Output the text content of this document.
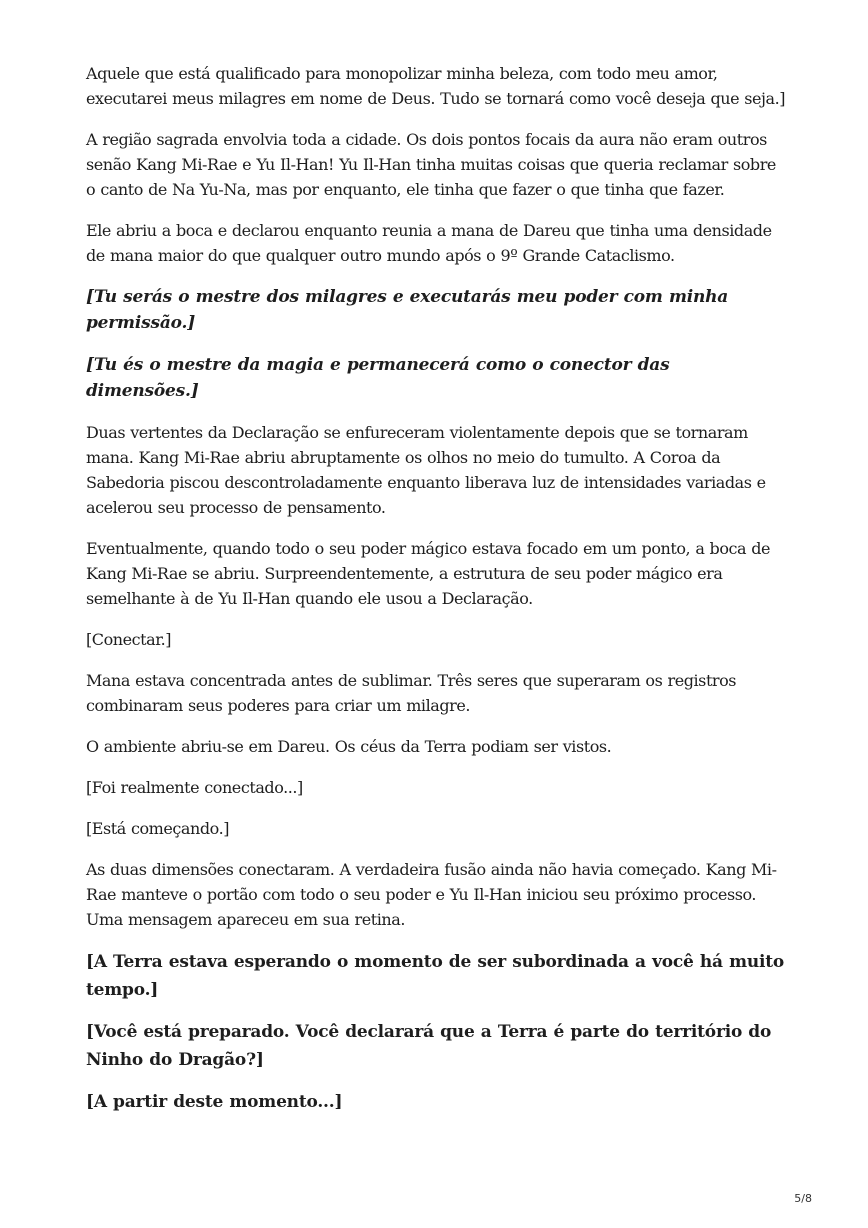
Aquele que está qualificado para monopolizar minha beleza, com todo meu amor, executarei meus milagres em nome de Deus. Tudo se tornará como você deseja que seja.]

A região sagrada envolvia toda a cidade. Os dois pontos focais da aura não eram outros senão Kang Mi-Rae e Yu Il-Han! Yu Il-Han tinha muitas coisas que queria reclamar sobre o canto de Na Yu-Na, mas por enquanto, ele tinha que fazer o que tinha que fazer.

Ele abriu a boca e declarou enquanto reunia a mana de Dareu que tinha uma densidade de mana maior do que qualquer outro mundo após o 9º Grande Cataclismo.

[Tu serás o mestre dos milagres e executarás meu poder com minha permissão.]

[Tu és o mestre da magia e permanecerá como o conector das dimensões.]

Duas vertentes da Declaração se enfureceram violentamente depois que se tornaram mana. Kang Mi-Rae abriu abruptamente os olhos no meio do tumulto. A Coroa da Sabedoria piscou descontroladamente enquanto liberava luz de intensidades variadas e acelerou seu processo de pensamento.

Eventualmente, quando todo o seu poder mágico estava focado em um ponto, a boca de Kang Mi-Rae se abriu. Surpreendentemente, a estrutura de seu poder mágico era semelhante à de Yu Il-Han quando ele usou a Declaração.

[Conectar.]

Mana estava concentrada antes de sublimar. Três seres que superaram os registros combinaram seus poderes para criar um milagre.

O ambiente abriu-se em Dareu. Os céus da Terra podiam ser vistos.

[Foi realmente conectado...]

[Está começando.]

As duas dimensões conectaram. A verdadeira fusão ainda não havia começado. Kang Mi-Rae manteve o portão com todo o seu poder e Yu Il-Han iniciou seu próximo processo. Uma mensagem apareceu em sua retina.

[A Terra estava esperando o momento de ser subordinada a você há muito tempo.]

[Você está preparado. Você declarará que a Terra é parte do território do Ninho do Dragão?]

[A partir deste momento...]

5/8
